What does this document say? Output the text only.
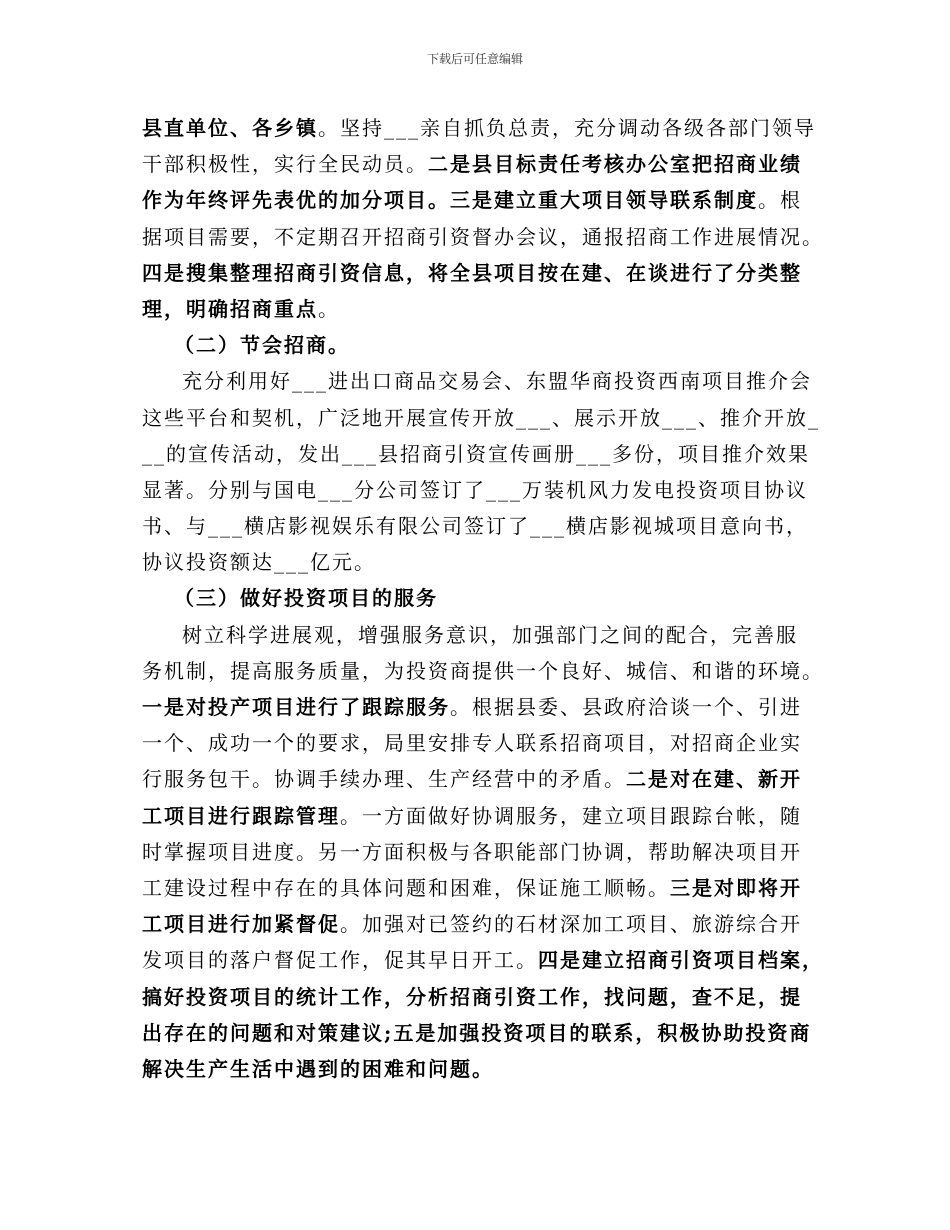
下载后可任意编辑
县直单位、各乡镇。坚持___亲自抓负总责，充分调动各级各部门领导
干部积极性，实行全民动员。二是县目标责任考核办公室把招商业绩
作为年终评先表优的加分项目。三是建立重大项目领导联系制度。根
据项目需要，不定期召开招商引资督办会议，通报招商工作进展情况。
四是搜集整理招商引资信息，将全县项目按在建、在谈进行了分类整
理，明确招商重点。
（二）节会招商。
充分利用好___进出口商品交易会、东盟华商投资西南项目推介会
这些平台和契机，广泛地开展宣传开放___、展示开放___、推介开放_
__的宣传活动，发出___县招商引资宣传画册___多份，项目推介效果
显著。分别与国电___分公司签订了___万装机风力发电投资项目协议
书、与___横店影视娱乐有限公司签订了___横店影视城项目意向书，
协议投资额达___亿元。
（三）做好投资项目的服务
树立科学进展观，增强服务意识，加强部门之间的配合，完善服
务机制，提高服务质量，为投资商提供一个良好、城信、和谐的环境。
一是对投产项目进行了跟踪服务。根据县委、县政府洽谈一个、引进
一个、成功一个的要求，局里安排专人联系招商项目，对招商企业实
行服务包干。协调手续办理、生产经营中的矛盾。二是对在建、新开
工项目进行跟踪管理。一方面做好协调服务，建立项目跟踪台帐，随
时掌握项目进度。另一方面积极与各职能部门协调，帮助解决项目开
工建设过程中存在的具体问题和困难，保证施工顺畅。三是对即将开
工项目进行加紧督促。加强对已签约的石材深加工项目、旅游综合开
发项目的落户督促工作，促其早日开工。四是建立招商引资项目档案，
搞好投资项目的统计工作，分析招商引资工作，找问题，查不足，提
出存在的问题和对策建议;五是加强投资项目的联系，积极协助投资商
解决生产生活中遇到的困难和问题。
